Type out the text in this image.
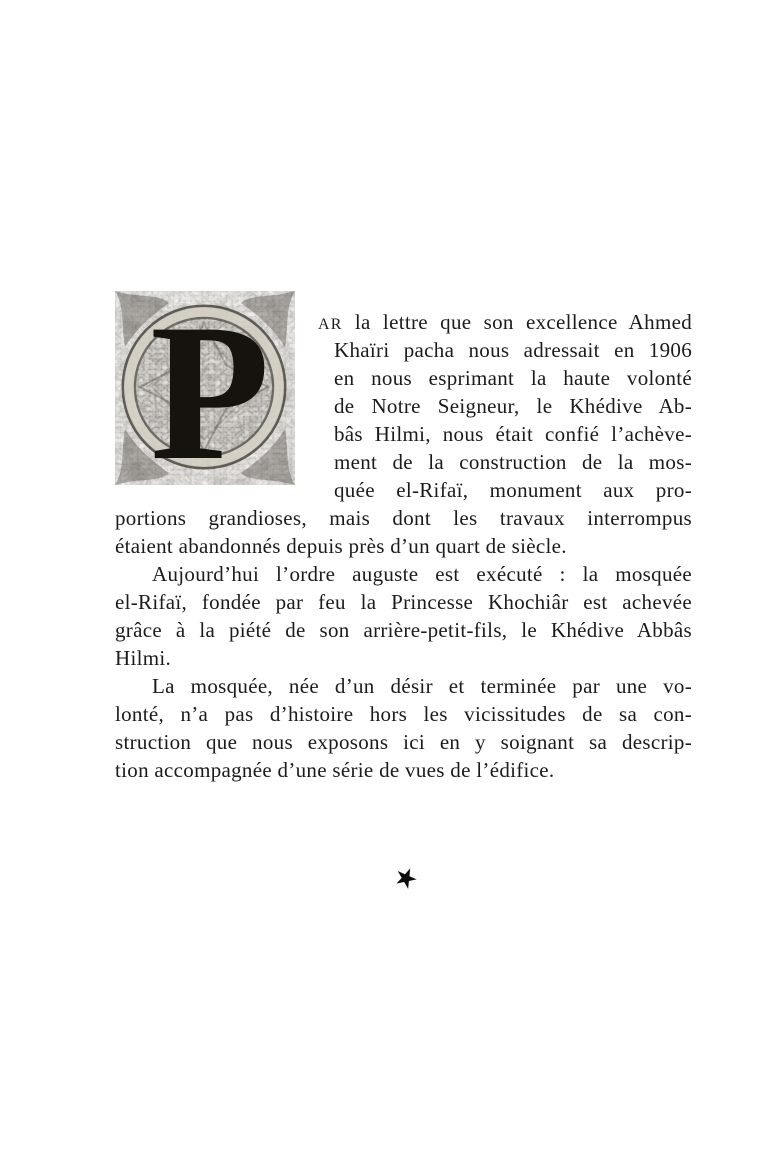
P	AR la lettre que son excellence Ahmed
Khaïri pacha nous adressait en 1906
en nous esprimant la haute volonté
de Notre Seigneur, le Khédive Ab-
bâs Hilmi, nous était confié l’achève-
ment de la construction de la mos-
quée el-Rifaï, monument aux pro-
portions grandioses, mais dont les travaux interrompus
étaient abandonnés depuis près d’un quart de siècle.
Aujourd’hui l’ordre auguste est exécuté : la mosquée
el-Rifaï, fondée par feu la Princesse Khochiâr est achevée
grâce à la piété de son arrière-petit-fils, le Khédive Abbâs
Hilmi.
La mosquée, née d’un désir et terminée par une vo-
lonté, n’a pas d’histoire hors les vicissitudes de sa con-
struction que nous exposons ici en y soignant sa descrip-
tion accompagnée d’une série de vues de l’édifice.
★
